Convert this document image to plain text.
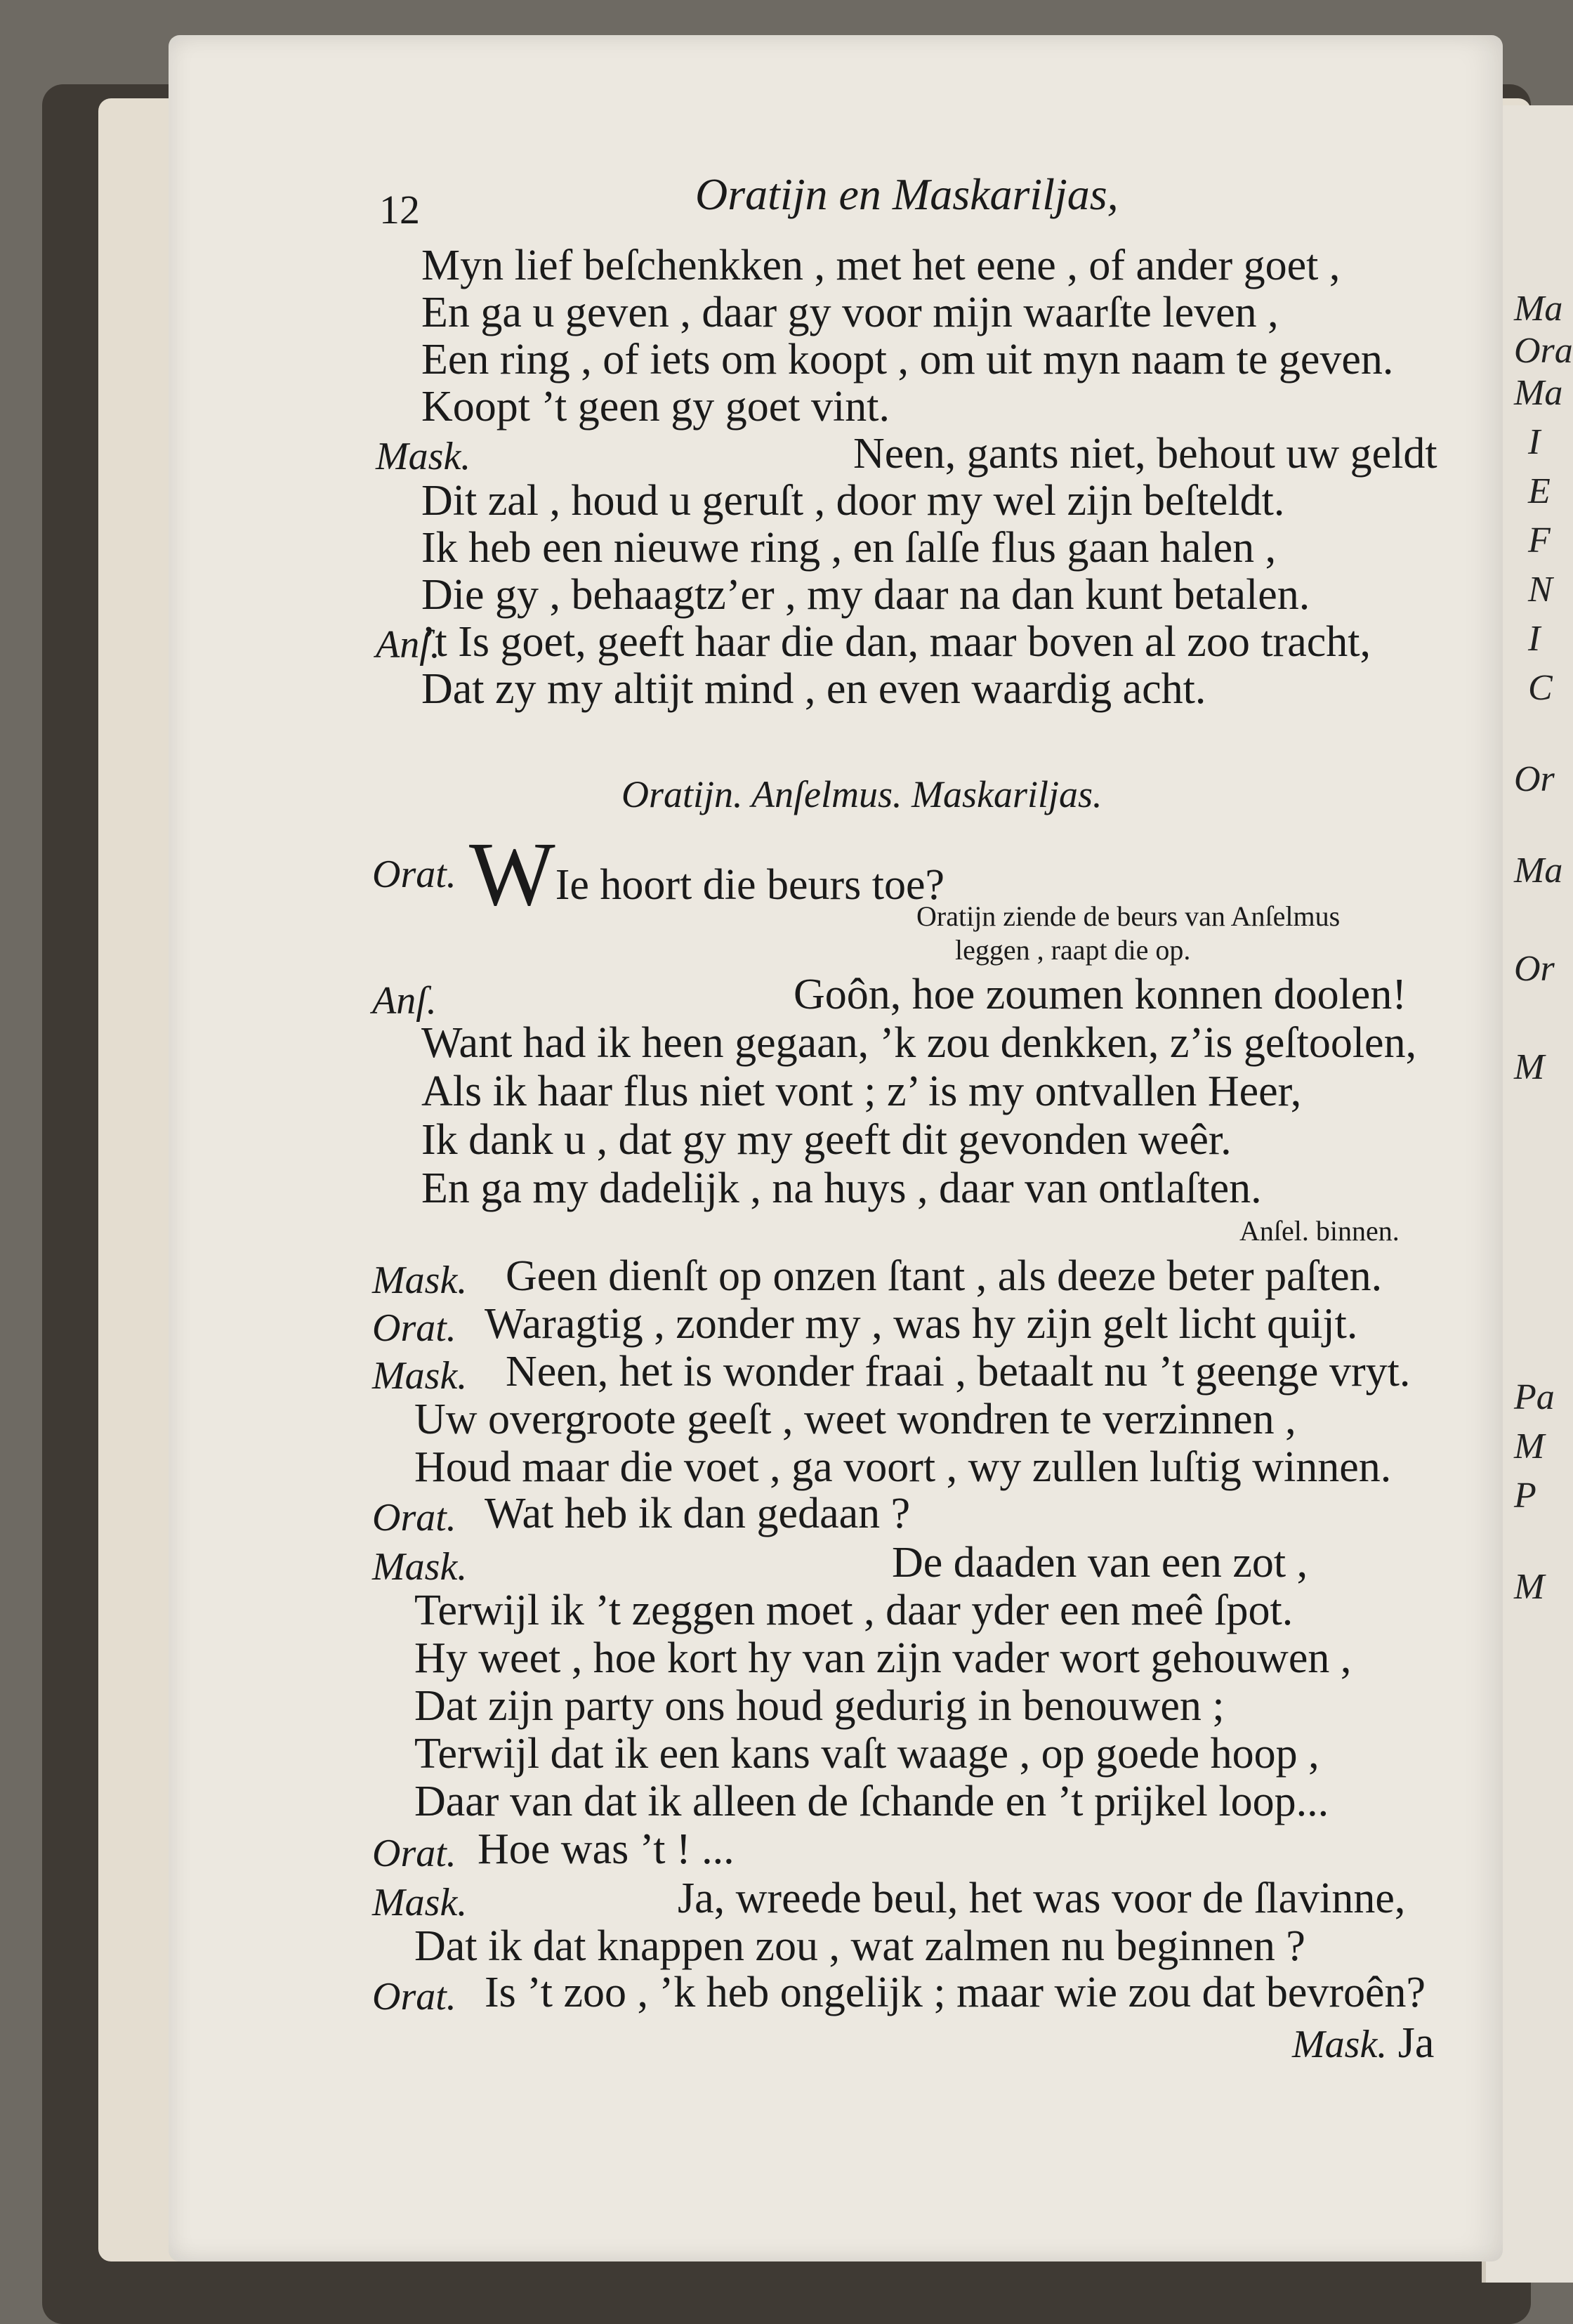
Ma
Ora
Ma
I
E
F
N
I
C
Or
Ma
Or
M
Pa
M
P
M
12	Oratijn en Maskariljas,
Myn lief beſchenkken , met het eene , of ander goet ,
En ga u geven , daar gy voor mijn waarſte leven ,
Een ring , of iets om koopt , om uit myn naam te geven.
Koopt ’t geen gy goet vint.
Mask.	Neen, gants niet, behout uw geldt
Dit zal , houd u geruſt , door my wel zijn beſteldt.
Ik heb een nieuwe ring , en ſalſe flus gaan halen ,
Die gy , behaagtz’er , my daar na dan kunt betalen.
Anſ.
’t Is goet, geeft haar die dan, maar boven al zoo tracht,
Dat zy my altijt mind , en even waardig acht.
Oratijn. Anſelmus. Maskariljas.
Orat. WIe hoort die beurs toe?
Oratijn ziende de beurs van Anſelmus
leggen , raapt die op.
Anſ.	Goôn, hoe zoumen konnen doolen!
Want had ik heen gegaan, ’k zou denkken, z’is geſtoolen,
Als ik haar flus niet vont ; z’ is my ontvallen Heer,
Ik dank u , dat gy my geeft dit gevonden weêr.
En ga my dadelijk , na huys , daar van ontlaſten.
Anſel. binnen.
Mask. Geen dienſt op onzen ſtant , als deeze beter paſten.
Orat. Waragtig , zonder my , was hy zijn gelt licht quijt.
Mask. Neen, het is wonder fraai , betaalt nu ’t geenge vryt.
Uw overgroote geeſt , weet wondren te verzinnen ,
Houd maar die voet , ga voort , wy zullen luſtig winnen.
Orat. Wat heb ik dan gedaan ?
Mask.	De daaden van een zot ,
Terwijl ik ’t zeggen moet , daar yder een meê ſpot.
Hy weet , hoe kort hy van zijn vader wort gehouwen ,
Dat zijn party ons houd gedurig in benouwen ;
Terwijl dat ik een kans vaſt waage , op goede hoop ,
Daar van dat ik alleen de ſchande en ’t prijkel loop...
Orat. Hoe was ’t ! ...
Mask.	Ja, wreede beul, het was voor de ſlavinne,
Dat ik dat knappen zou , wat zalmen nu beginnen ?
Orat. Is ’t zoo , ’k heb ongelijk ; maar wie zou dat bevroên?
Mask. Ja
